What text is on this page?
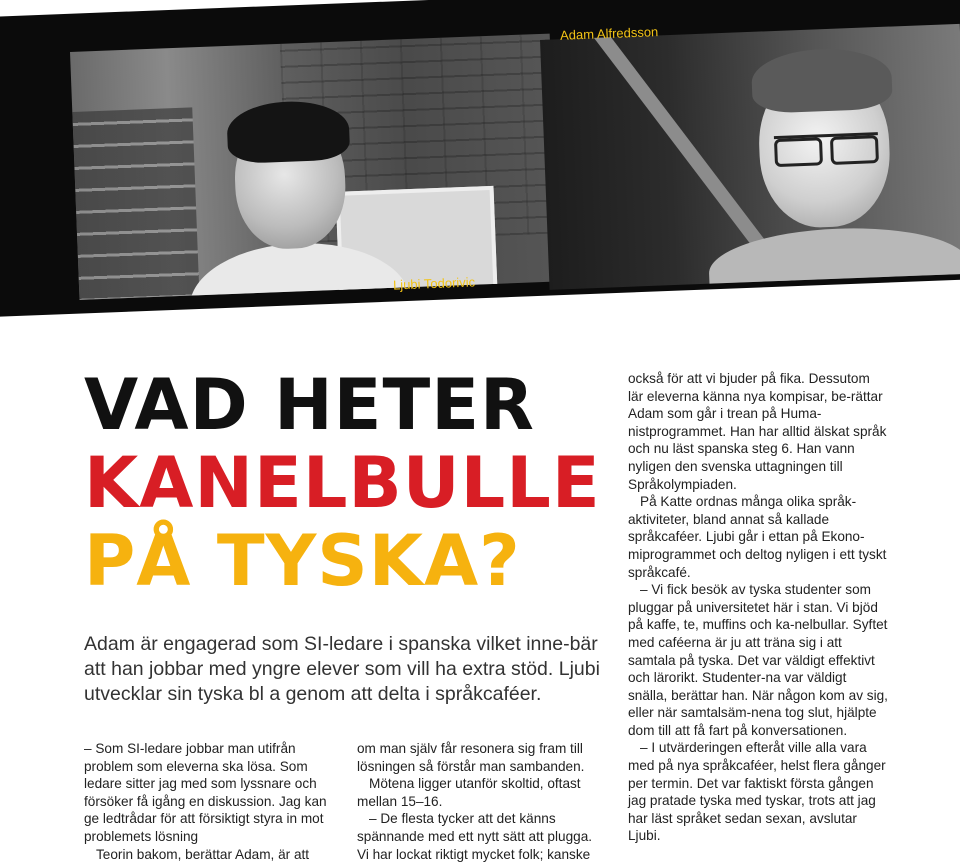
Adam Alfredsson
Ljubi Todorivic
VAD HETER
KANELBULLE
PÅ TYSKA?
Adam är engagerad som SI-ledare i spanska vilket inne-bär att han jobbar med yngre elever som vill ha extra stöd. Ljubi utvecklar sin tyska bl a genom att delta i språkcaféer.

– Som SI-ledare jobbar man utifrån problem som eleverna ska lösa. Som ledare sitter jag med som lyssnare och försöker få igång en diskussion. Jag kan ge ledtrådar för att försiktigt styra in mot problemets lösning

Teorin bakom, berättar Adam, är att

om man själv får resonera sig fram till lösningen så förstår man sambanden.

Mötena ligger utanför skoltid, oftast mellan 15–16.

– De flesta tycker att det känns spännande med ett nytt sätt att plugga. Vi har lockat riktigt mycket folk; kanske

också för att vi bjuder på fika. Dessutom lär eleverna känna nya kompisar, be-rättar Adam som går i trean på Huma-nistprogrammet. Han har alltid älskat språk och nu läst spanska steg 6. Han vann nyligen den svenska uttagningen till Språkolympiaden.

På Katte ordnas många olika språk-aktiviteter, bland annat så kallade språkcaféer. Ljubi går i ettan på Ekono-miprogrammet och deltog nyligen i ett tyskt språkcafé.

– Vi fick besök av tyska studenter som pluggar på universitetet här i stan. Vi bjöd på kaffe, te, muffins och ka-nelbullar. Syftet med caféerna är ju att träna sig i att samtala på tyska. Det var väldigt effektivt och lärorikt. Studenter-na var väldigt snälla, berättar han. När någon kom av sig, eller när samtalsäm-nena tog slut, hjälpte dom till att få fart på konversationen.

– I utvärderingen efteråt ville alla vara med på nya språkcaféer, helst flera gånger per termin. Det var faktiskt första gången jag pratade tyska med tyskar, trots att jag har läst språket sedan sexan, avslutar Ljubi.
